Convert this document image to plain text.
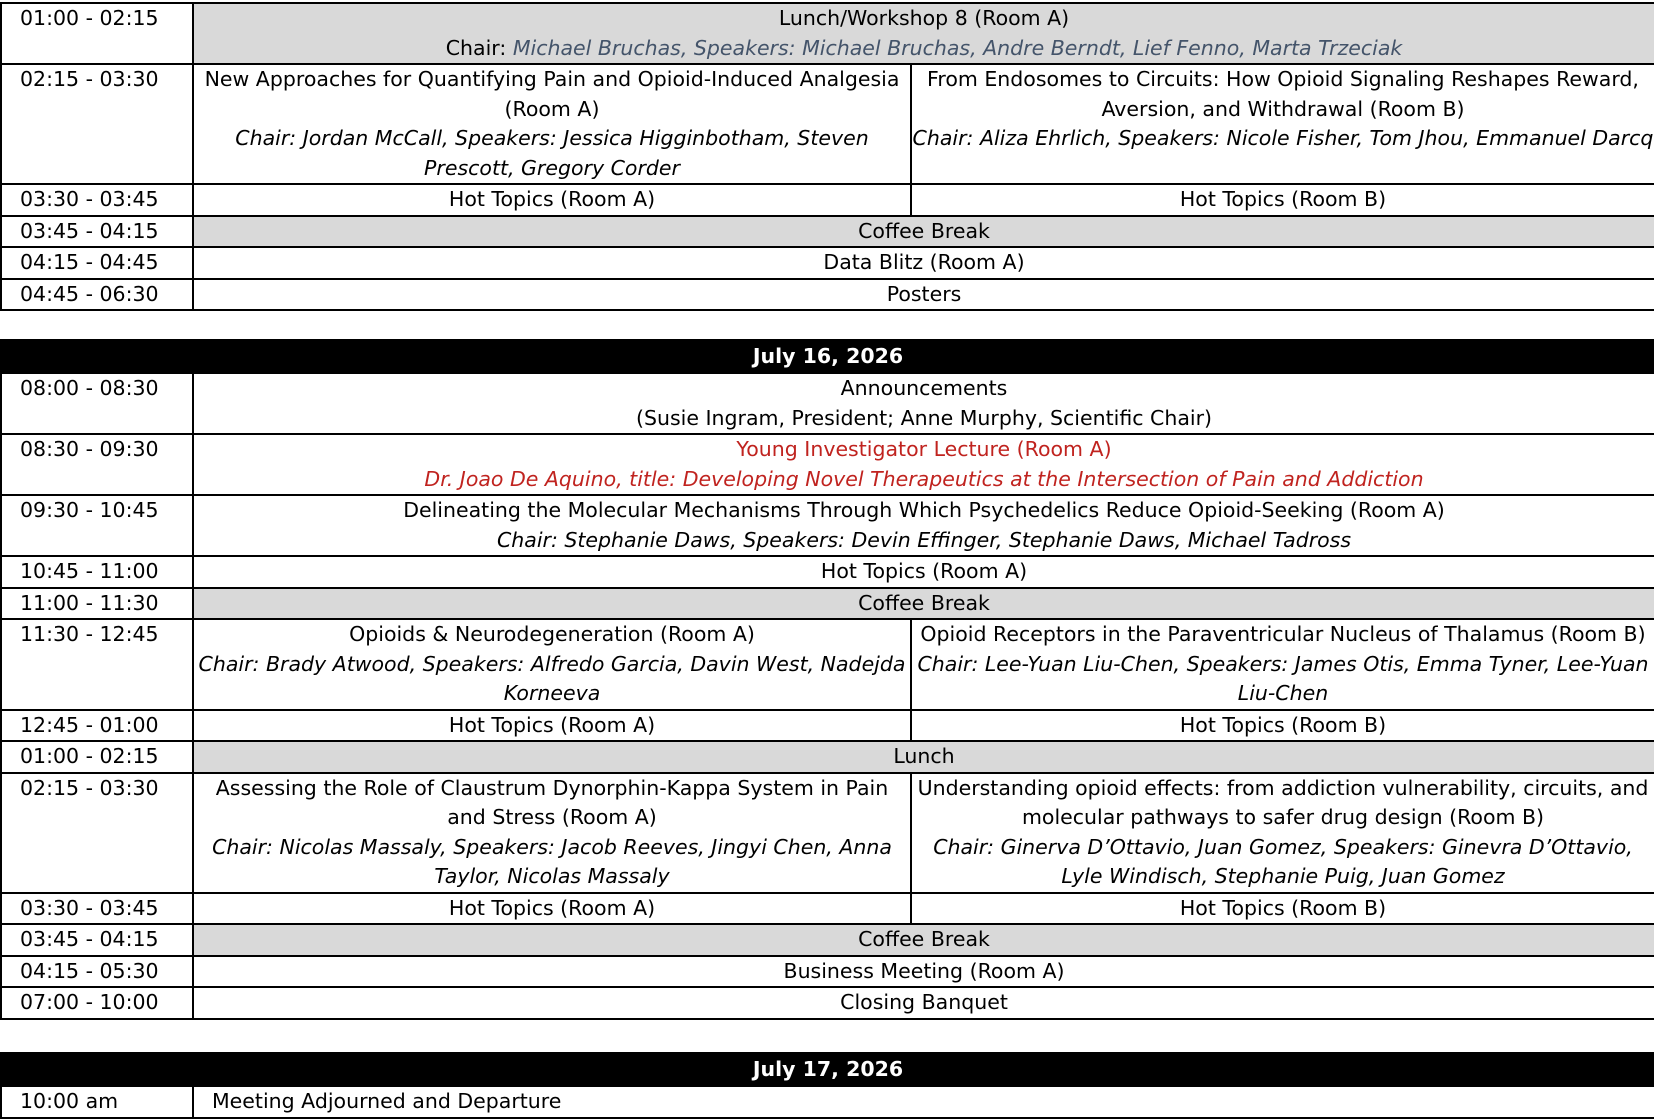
01:00 - 02:15	Lunch/Workshop 8 (Room A)
Chair: Michael Bruchas, Speakers: Michael Bruchas, Andre Berndt, Lief Fenno, Marta Trzeciak	

02:15 - 03:30	New Approaches for Quantifying Pain and Opioid-Induced Analgesia (Room A)
Chair: Jordan McCall, Speakers: Jessica Higginbotham, Steven Prescott, Gregory Corder	From Endosomes to Circuits: How Opioid Signaling Reshapes Reward, Aversion, and Withdrawal (Room B)
Chair: Aliza Ehrlich, Speakers: Nicole Fisher, Tom Jhou, Emmanuel Darcq

03:30 - 03:45	Hot Topics (Room A)	Hot Topics (Room B)
03:45 - 04:15	Coffee Break	
04:15 - 04:45	Data Blitz (Room A)	
04:45 - 06:30	Posters	
July 16, 2026		
08:00 - 08:30	Announcements
(Susie Ingram, President; Anne Murphy, Scientific Chair)	

08:30 - 09:30	Young Investigator Lecture (Room A)
Dr. Joao De Aquino, title: Developing Novel Therapeutics at the Intersection of Pain and Addiction	

09:30 - 10:45	Delineating the Molecular Mechanisms Through Which Psychedelics Reduce Opioid-Seeking (Room A)
Chair: Stephanie Daws, Speakers: Devin Effinger, Stephanie Daws, Michael Tadross	

10:45 - 11:00	Hot Topics (Room A)	
11:00 - 11:30	Coffee Break	
11:30 - 12:45	Opioids & Neurodegeneration (Room A)
Chair: Brady Atwood, Speakers: Alfredo Garcia, Davin West, Nadejda Korneeva	Opioid Receptors in the Paraventricular Nucleus of Thalamus (Room B)
Chair: Lee-Yuan Liu-Chen, Speakers: James Otis, Emma Tyner, Lee-Yuan Liu-Chen

12:45 - 01:00	Hot Topics (Room A)	Hot Topics (Room B)
01:00 - 02:15	Lunch	
02:15 - 03:30	Assessing the Role of Claustrum Dynorphin-Kappa System in Pain and Stress (Room A)
Chair: Nicolas Massaly, Speakers: Jacob Reeves, Jingyi Chen, Anna Taylor, Nicolas Massaly	Understanding opioid effects: from addiction vulnerability, circuits, and molecular pathways to safer drug design (Room B)
Chair: Ginerva D’Ottavio, Juan Gomez, Speakers: Ginevra D’Ottavio, Lyle Windisch, Stephanie Puig, Juan Gomez

03:30 - 03:45	Hot Topics (Room A)	Hot Topics (Room B)
03:45 - 04:15	Coffee Break	
04:15 - 05:30	Business Meeting (Room A)	
07:00 - 10:00	Closing Banquet	
July 17, 2026
10:00 am	Meeting Adjourned and Departure
